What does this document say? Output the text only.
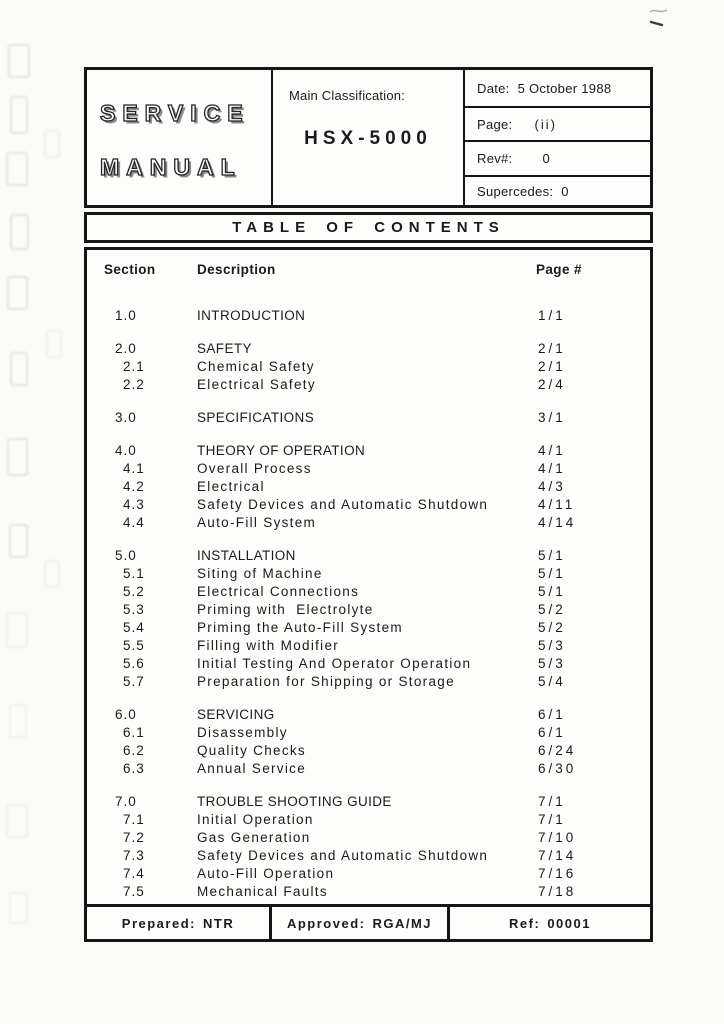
SERVICE
MANUAL
Main Classification:
HSX-5000
Date: 5 October 1988
Page: (ii)
Rev#: 0
Supercedes: 0
TABLE OF CONTENTS
Section	Description	Page #
1.0	INTRODUCTION	1/1
2.0	SAFETY	2/1
2.1	Chemical Safety	2/1
2.2	Electrical Safety	2/4
3.0	SPECIFICATIONS	3/1
4.0	THEORY OF OPERATION	4/1
4.1	Overall Process	4/1
4.2	Electrical	4/3
4.3	Safety Devices and Automatic Shutdown	4/11
4.4	Auto-Fill System	4/14
5.0	INSTALLATION	5/1
5.1	Siting of Machine	5/1
5.2	Electrical Connections	5/1
5.3	Priming with  Electrolyte	5/2
5.4	Priming the Auto-Fill System	5/2
5.5	Filling with Modifier	5/3
5.6	Initial Testing And Operator Operation	5/3
5.7	Preparation for Shipping or Storage	5/4
6.0	SERVICING	6/1
6.1	Disassembly	6/1
6.2	Quality Checks	6/24
6.3	Annual Service	6/30
7.0	TROUBLE SHOOTING GUIDE	7/1
7.1	Initial Operation	7/1
7.2	Gas Generation	7/10
7.3	Safety Devices and Automatic Shutdown	7/14
7.4	Auto-Fill Operation	7/16
7.5	Mechanical Faults	7/18
Prepared: NTR	Approved: RGA/MJ	Ref: 00001
